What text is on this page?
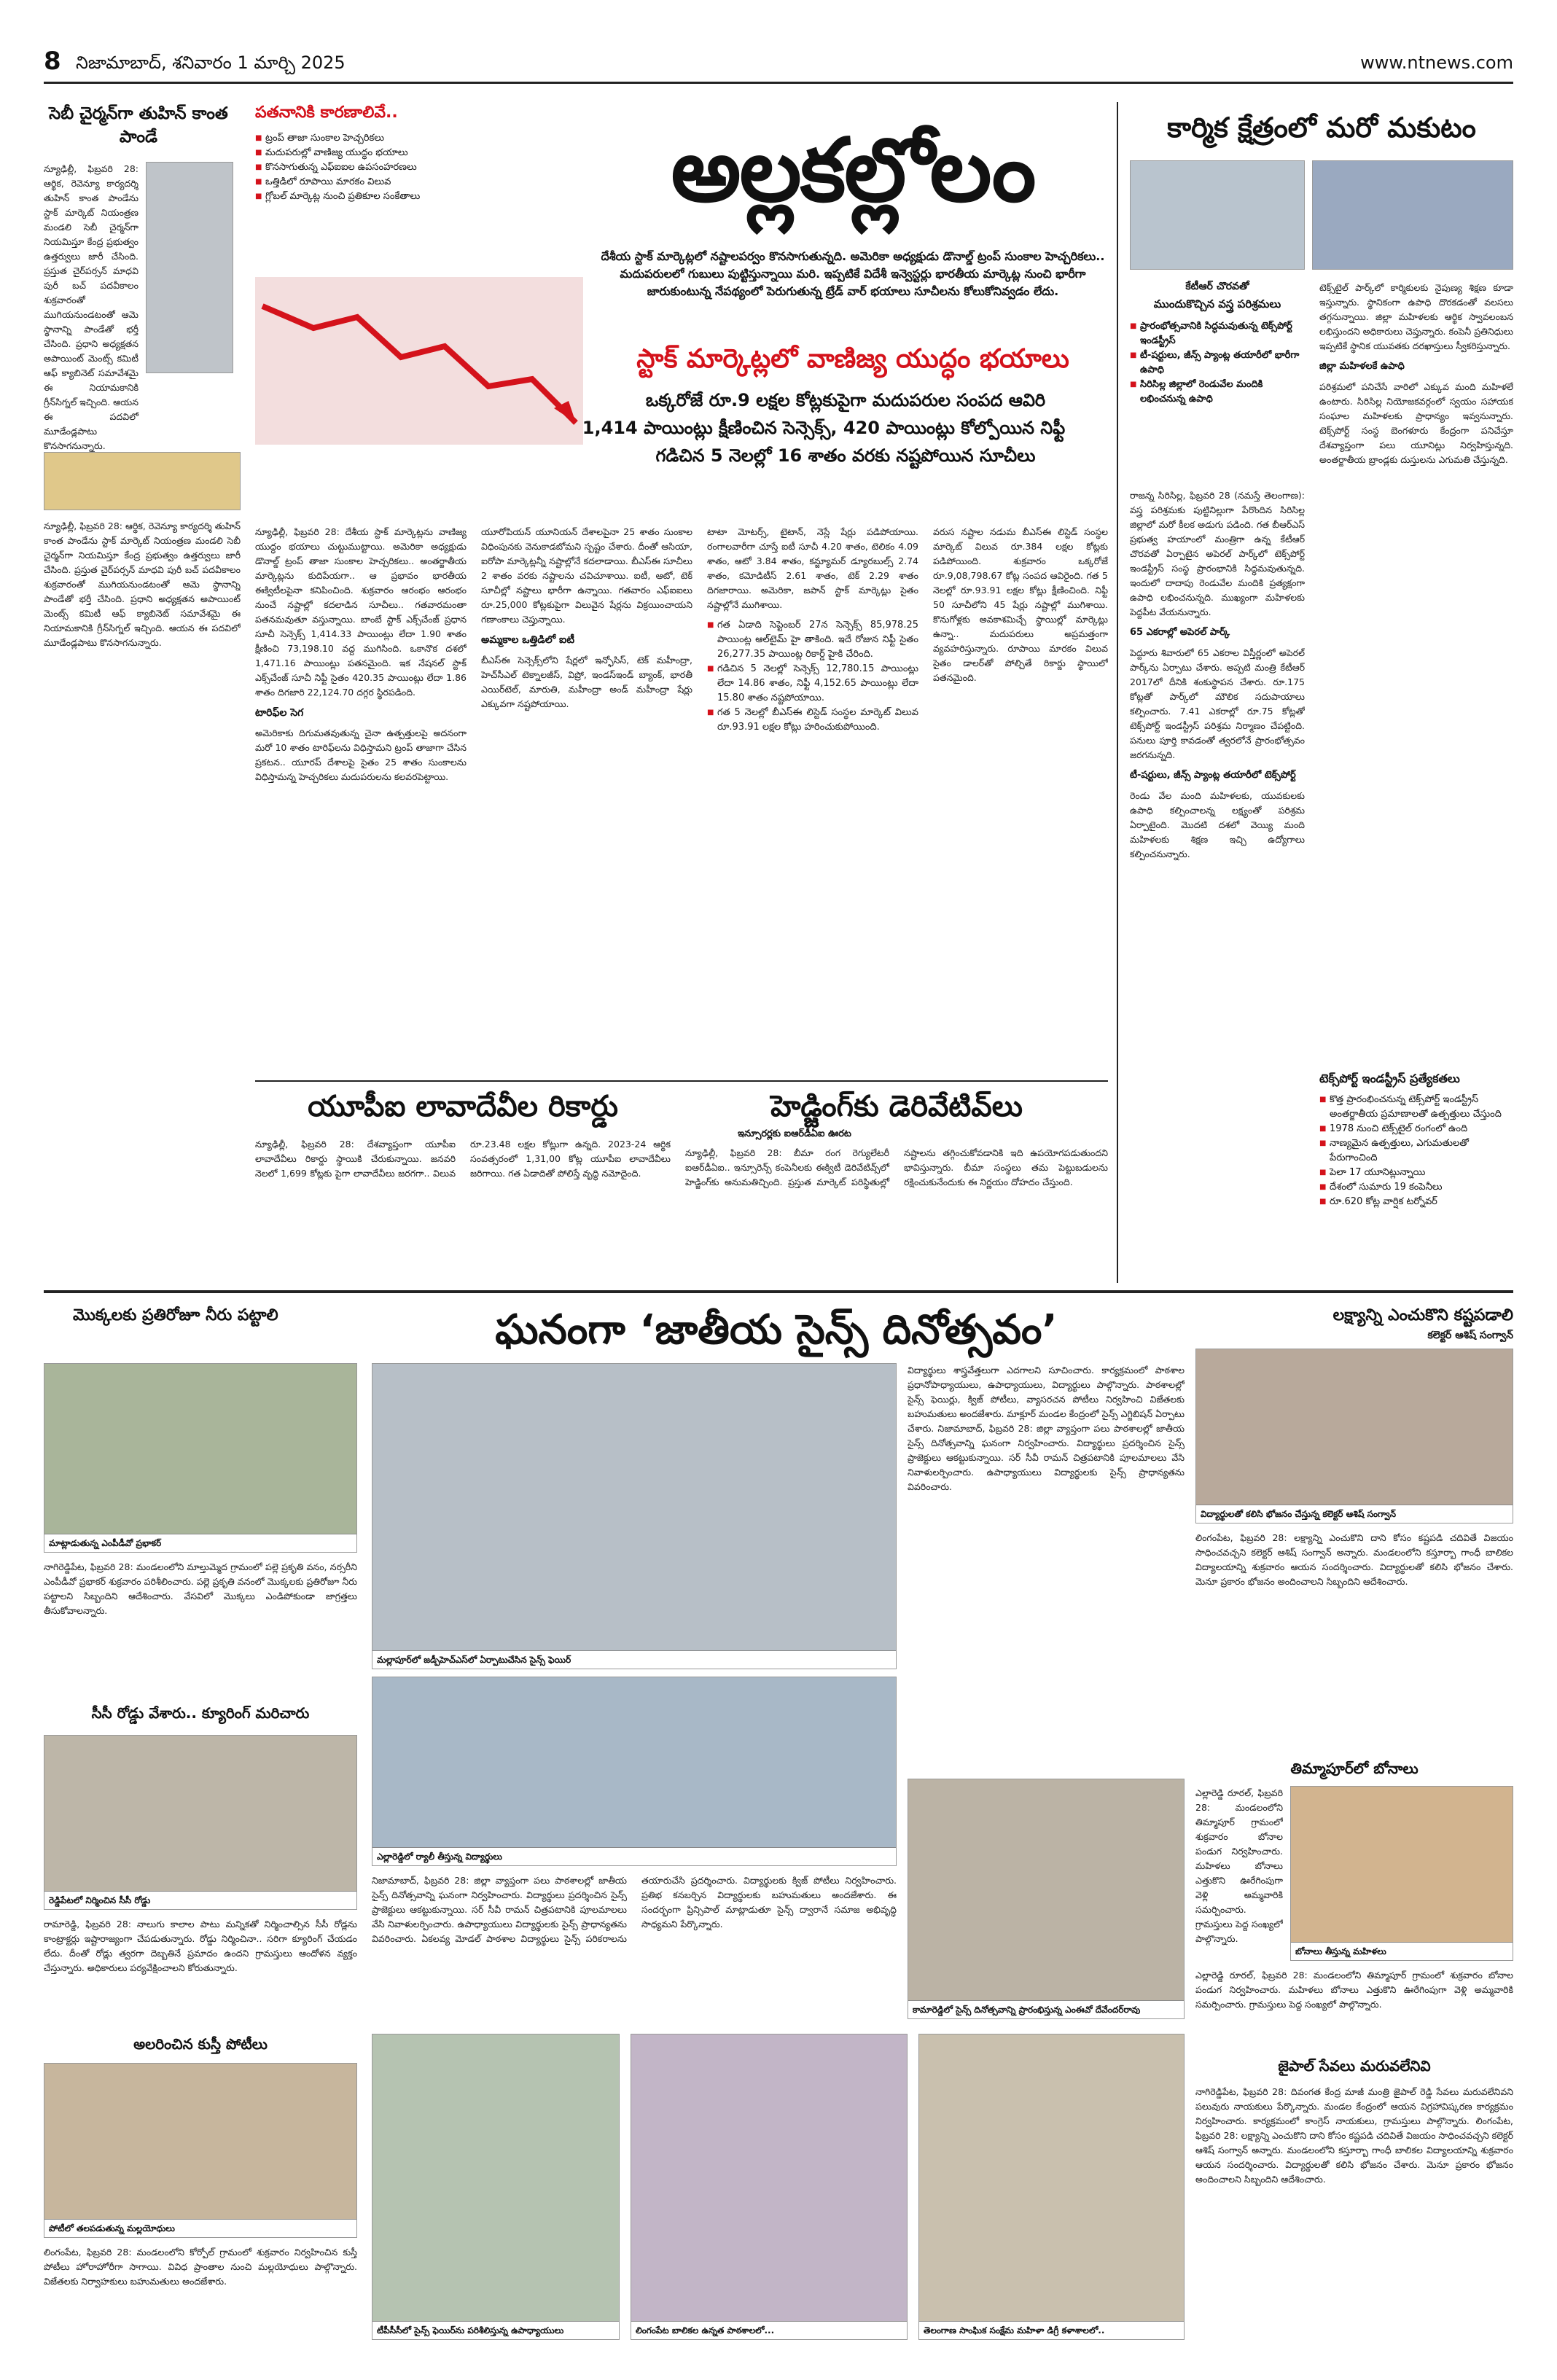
8 నిజామాబాద్, శనివారం 1 మార్చి 2025	www.ntnews.com
సెబీ చైర్మన్‌గా తుహిన్ కాంత పాండే
న్యూఢిల్లీ, ఫిబ్రవరి 28: ఆర్థిక, రెవెన్యూ కార్యదర్శి తుహిన్ కాంత పాండేను స్టాక్ మార్కెట్ నియంత్రణ మండలి సెబీ చైర్మన్‌గా నియమిస్తూ కేంద్ర ప్రభుత్వం ఉత్తర్వులు జారీ చేసింది. ప్రస్తుత చైర్‌పర్సన్ మాధవి పురీ బచ్ పదవీకాలం శుక్రవారంతో ముగియనుండటంతో ఆమె స్థానాన్ని పాండేతో భర్తీ చేసింది. ప్రధాని అధ్యక్షతన అపాయింట్ మెంట్స్ కమిటీ ఆఫ్ క్యాబినెట్ సమావేశమై ఈ నియామకానికి గ్రీన్‌సిగ్నల్ ఇచ్చింది. ఆయన ఈ పదవిలో మూడేండ్లపాటు కొనసాగనున్నారు.
పతనానికి కారణాలివే..
■ ట్రంప్ తాజా సుంకాల హెచ్చరికలు
■ మదుపరుల్లో వాణిజ్య యుద్ధం భయాలు
■ కొనసాగుతున్న ఎఫ్‌ఐఐల ఉపసంహరణలు
■ ఒత్తిడిలో రూపాయి మారకం విలువ
■ గ్లోబల్ మార్కెట్ల నుంచి ప్రతికూల సంకేతాలు	అల్లకల్లోలం
దేశీయ స్టాక్ మార్కెట్లలో నష్టాలపర్వం కొనసాగుతున్నది. అమెరికా అధ్యక్షుడు డొనాల్డ్ ట్రంప్ సుంకాల హెచ్చరికలు.. మదుపరులలో గుబులు పుట్టిస్తున్నాయి మరి. ఇప్పటికే విదేశీ ఇన్వెస్టర్లు భారతీయ మార్కెట్ల నుంచి భారీగా జారుకుంటున్న నేపథ్యంలో పెరుగుతున్న ట్రేడ్ వార్ భయాలు సూచీలను కోలుకోనివ్వడం లేదు.
స్టాక్ మార్కెట్లలో వాణిజ్య యుద్ధం భయాలు
ఒక్కరోజే రూ.9 లక్షల కోట్లకుపైగా మదుపరుల సంపద ఆవిరి
1,414 పాయింట్లు క్షీణించిన సెన్సెక్స్, 420 పాయింట్లు కోల్పోయిన నిఫ్టీ
గడిచిన 5 నెలల్లో 16 శాతం వరకు నష్టపోయిన సూచీలు
న్యూఢిల్లీ, ఫిబ్రవరి 28: ఆర్థిక, రెవెన్యూ కార్యదర్శి తుహిన్ కాంత పాండేను స్టాక్ మార్కెట్ నియంత్రణ మండలి సెబీ చైర్మన్‌గా నియమిస్తూ కేంద్ర ప్రభుత్వం ఉత్తర్వులు జారీ చేసింది. ప్రస్తుత చైర్‌పర్సన్ మాధవి పురీ బచ్ పదవీకాలం శుక్రవారంతో ముగియనుండటంతో ఆమె స్థానాన్ని పాండేతో భర్తీ చేసింది. ప్రధాని అధ్యక్షతన అపాయింట్ మెంట్స్ కమిటీ ఆఫ్ క్యాబినెట్ సమావేశమై ఈ నియామకానికి గ్రీన్‌సిగ్నల్ ఇచ్చింది. ఆయన ఈ పదవిలో మూడేండ్లపాటు కొనసాగనున్నారు.
న్యూఢిల్లీ, ఫిబ్రవరి 28: దేశీయ స్టాక్ మార్కెట్లను వాణిజ్య యుద్ధం భయాలు చుట్టుముట్టాయి. అమెరికా అధ్యక్షుడు డొనాల్డ్ ట్రంప్ తాజా సుంకాల హెచ్చరికలు.. అంతర్జాతీయ మార్కెట్లను కుదిపేయగా.. ఆ ప్రభావం భారతీయ ఈక్విటీలపైనా కనిపించింది. శుక్రవారం ఆరంభం ఆరంభం నుంచే నష్టాల్లో కదలాడిన సూచీలు.. గతవారమంతా పతనమవుతూ వస్తున్నాయి. బాంబే స్టాక్ ఎక్స్‌చేంజ్ ప్రధాన సూచీ సెన్సెక్స్ 1,414.33 పాయింట్లు లేదా 1.90 శాతం క్షీణించి 73,198.10 వద్ద ముగిసింది. ఒకానొక దశలో 1,471.16 పాయింట్లు పతనమైంది. ఇక నేషనల్ స్టాక్ ఎక్స్‌చేంజ్ సూచీ నిఫ్టీ సైతం 420.35 పాయింట్లు లేదా 1.86 శాతం దిగజారి 22,124.70 దగ్గర స్థిరపడింది.
టారిఫ్‌ల సెగ
అమెరికాకు దిగుమతవుతున్న చైనా ఉత్పత్తులపై అదనంగా మరో 10 శాతం టారిఫ్‌లను విధిస్తామని ట్రంప్ తాజాగా చేసిన ప్రకటన.. యూరప్ దేశాలపై సైతం 25 శాతం సుంకాలను విధిస్తామన్న హెచ్చరికలు మదుపరులను కలవరపెట్టాయి.
యూరోపియన్ యూనియన్ దేశాలపైనా 25 శాతం సుంకాల విధింపునకు వెనుకాడబోమని స్పష్టం చేశారు. దీంతో ఆసియా, ఐరోపా మార్కెట్లన్నీ నష్టాల్లోనే కదలాడాయి. బీఎస్‌ఈ సూచీలు 2 శాతం వరకు నష్టాలను చవిచూశాయి. ఐటీ, ఆటో, టెక్ సూచీల్లో నష్టాలు భారీగా ఉన్నాయి. గతవారం ఎఫ్‌ఐఐలు రూ.25,000 కోట్లకుపైగా విలువైన షేర్లను విక్రయించాయని గణాంకాలు చెప్తున్నాయి.
అమ్మకాల ఒత్తిడిలో ఐటీ
బీఎస్‌ఈ సెన్సెక్స్‌లోని షేర్లలో ఇన్ఫోసిస్, టెక్ మహీంద్రా, హెచ్‌సీఎల్ టెక్నాలజీస్, విప్రో, ఇండస్‌ఇండ్ బ్యాంక్, భారతీ ఎయిర్‌టెల్, మారుతి, మహీంద్రా అండ్ మహీంద్రా షేర్లు ఎక్కువగా నష్టపోయాయి.
టాటా మోటర్స్, టైటాన్, నెస్లే షేర్లు పడిపోయాయి. రంగాలవారీగా చూస్తే ఐటీ సూచీ 4.20 శాతం, టెలికం 4.09 శాతం, ఆటో 3.84 శాతం, కన్జ్యూమర్ డ్యూరబుల్స్ 2.74 శాతం, కమోడిటీస్ 2.61 శాతం, టెక్ 2.29 శాతం దిగజారాయి. అమెరికా, జపాన్ స్టాక్ మార్కెట్లు సైతం నష్టాల్లోనే ముగిశాయి.
■ గత ఏడాది సెప్టెంబర్ 27న సెన్సెక్స్ 85,978.25 పాయింట్ల ఆల్‌టైమ్ హై తాకింది. ఇదే రోజున నిఫ్టీ సైతం 26,277.35 పాయింట్ల రికార్డ్ హైకి చేరింది.
■ గడిచిన 5 నెలల్లో సెన్సెక్స్ 12,780.15 పాయింట్లు లేదా 14.86 శాతం, నిఫ్టీ 4,152.65 పాయింట్లు లేదా 15.80 శాతం నష్టపోయాయి.
■ గత 5 నెలల్లో బీఎస్‌ఈ లిస్టెడ్ సంస్థల మార్కెట్ విలువ రూ.93.91 లక్షల కోట్లు హరించుకుపోయింది.
వరుస నష్టాల నడుమ బీఎస్‌ఈ లిస్టెడ్ సంస్థల మార్కెట్ విలువ రూ.384 లక్షల కోట్లకు పడిపోయింది. శుక్రవారం ఒక్కరోజే రూ.9,08,798.67 కోట్ల సంపద ఆవిరైంది. గత 5 నెలల్లో రూ.93.91 లక్షల కోట్లు క్షీణించింది. నిఫ్టీ 50 సూచీలోని 45 షేర్లు నష్టాల్లో ముగిశాయి. కొనుగోళ్లకు అవకాశమిచ్చే స్థాయిల్లో మార్కెట్లు ఉన్నా.. మదుపరులు అప్రమత్తంగా వ్యవహరిస్తున్నారు. రూపాయి మారకం విలువ సైతం డాలర్‌తో పోల్చితే రికార్డు స్థాయిలో పతనమైంది.
కార్మిక క్షేత్రంలో మరో మకుటం
కేటీఆర్ చొరవతో
ముందుకొచ్చిన వస్త్ర పరిశ్రమలు
■ ప్రారంభోత్సవానికి సిద్ధమవుతున్న టెక్స్‌పోర్ట్ ఇండస్ట్రీస్
■ టీ-షర్టులు, జీన్స్ ప్యాంట్ల తయారీలో భారీగా ఉపాధి
■ సిరిసిల్ల జిల్లాలో రెండువేల మందికి లభించనున్న ఉపాధి
రాజన్న సిరిసిల్ల, ఫిబ్రవరి 28 (నమస్తే తెలంగాణ): వస్త్ర పరిశ్రమకు పుట్టినిల్లుగా పేరొందిన సిరిసిల్ల జిల్లాలో మరో కీలక అడుగు పడింది. గత బీఆర్‌ఎస్ ప్రభుత్వ హయాంలో మంత్రిగా ఉన్న కేటీఆర్ చొరవతో ఏర్పాటైన అపెరల్ పార్క్‌లో టెక్స్‌పోర్ట్ ఇండస్ట్రీస్ సంస్థ ప్రారంభానికి సిద్ధమవుతున్నది. ఇందులో దాదాపు రెండువేల మందికి ప్రత్యక్షంగా ఉపాధి లభించనున్నది. ముఖ్యంగా మహిళలకు పెద్దపీట వేయనున్నారు.
65 ఎకరాల్లో అపెరల్ పార్క్
పెద్దూరు శివారులో 65 ఎకరాల విస్తీర్ణంలో అపెరల్ పార్క్‌ను ఏర్పాటు చేశారు. అప్పటి మంత్రి కేటీఆర్ 2017లో దీనికి శంకుస్థాపన చేశారు. రూ.175 కోట్లతో పార్క్‌లో మౌలిక సదుపాయాలు కల్పించారు. 7.41 ఎకరాల్లో రూ.75 కోట్లతో టెక్స్‌పోర్ట్ ఇండస్ట్రీస్ పరిశ్రమ నిర్మాణం చేపట్టింది. పనులు పూర్తి కావడంతో త్వరలోనే ప్రారంభోత్సవం జరగనున్నది.
టీ-షర్టులు, జీన్స్ ప్యాంట్ల తయారీలో టెక్స్‌పోర్ట్
రెండు వేల మంది మహిళలకు, యువకులకు ఉపాధి కల్పించాలన్న లక్ష్యంతో పరిశ్రమ ఏర్పాటైంది. మొదటి దశలో వెయ్యి మంది మహిళలకు శిక్షణ ఇచ్చి ఉద్యోగాలు కల్పించనున్నారు.
టెక్స్‌టైల్ పార్క్‌లో కార్మికులకు నైపుణ్య శిక్షణ కూడా ఇస్తున్నారు. స్థానికంగా ఉపాధి దొరకడంతో వలసలు తగ్గనున్నాయి. జిల్లా మహిళలకు ఆర్థిక స్వావలంబన లభిస్తుందని అధికారులు చెప్తున్నారు. కంపెనీ ప్రతినిధులు ఇప్పటికే స్థానిక యువతకు దరఖాస్తులు స్వీకరిస్తున్నారు.
జిల్లా మహిళలకే ఉపాధి
పరిశ్రమలో పనిచేసే వారిలో ఎక్కువ మంది మహిళలే ఉంటారు. సిరిసిల్ల నియోజకవర్గంలో స్వయం సహాయక సంఘాల మహిళలకు ప్రాధాన్యం ఇవ్వనున్నారు. టెక్స్‌పోర్ట్ సంస్థ బెంగళూరు కేంద్రంగా పనిచేస్తూ దేశవ్యాప్తంగా పలు యూనిట్లు నిర్వహిస్తున్నది. అంతర్జాతీయ బ్రాండ్లకు దుస్తులను ఎగుమతి చేస్తున్నది.
టెక్స్‌పోర్ట్ ఇండస్ట్రీస్ ప్రత్యేకతలు
■ కొత్త ప్రారంభించనున్న టెక్స్‌పోర్ట్ ఇండస్ట్రీస్ అంతర్జాతీయ ప్రమాణాలతో ఉత్పత్తులు చేస్తుంది
■ 1978 నుంచి టెక్స్‌టైల్ రంగంలో ఉంది
■ నాణ్యమైన ఉత్పత్తులు, ఎగుమతులతో పేరుగాంచింది
■ పెలా 17 యూనిట్లున్నాయి
■ దేశంలో సుమారు 19 కంపెనీలు
■ రూ.620 కోట్ల వార్షిక టర్నోవర్
యూపీఐ లావాదేవీల రికార్డు
న్యూఢిల్లీ, ఫిబ్రవరి 28: దేశవ్యాప్తంగా యూపీఐ లావాదేవీలు రికార్డు స్థాయికి చేరుకున్నాయి. జనవరి నెలలో 1,699 కోట్లకు పైగా లావాదేవీలు జరగగా.. విలువ రూ.23.48 లక్షల కోట్లుగా ఉన్నది. 2023-24 ఆర్థిక సంవత్సరంలో 1,31,00 కోట్ల యూపీఐ లావాదేవీలు జరిగాయి. గత ఏడాదితో పోలిస్తే వృద్ధి నమోదైంది.
హెడ్జింగ్‌కు డెరివేటివ్‌లు
ఇన్సూరర్లకు ఐఆర్‌డీఏఐ ఊరట
న్యూఢిల్లీ, ఫిబ్రవరి 28: బీమా రంగ రెగ్యులేటరీ ఐఆర్‌డీఏఐ.. ఇన్సూరెన్స్ కంపెనీలకు ఈక్విటీ డెరివేటివ్స్‌లో హెడ్జింగ్‌కు అనుమతిచ్చింది. ప్రస్తుత మార్కెట్ పరిస్థితుల్లో నష్టాలను తగ్గించుకోవడానికి ఇది ఉపయోగపడుతుందని భావిస్తున్నారు. బీమా సంస్థలు తమ పెట్టుబడులను రక్షించుకునేందుకు ఈ నిర్ణయం దోహదం చేస్తుంది.
మొక్కలకు ప్రతిరోజూ నీరు పట్టాలి	ఘనంగా ‘జాతీయ సైన్స్ దినోత్సవం’	లక్ష్యాన్ని ఎంచుకొని కష్టపడాలి
కలెక్టర్ ఆశిష్ సంగ్వాన్
మాట్లాడుతున్న ఎంపీడీవో ప్రభాకర్
నాగిరెడ్డిపేట, ఫిబ్రవరి 28: మండలంలోని మాల్తుమ్మెద గ్రామంలో పల్లె ప్రకృతి వనం, నర్సరీని ఎంపీడీవో ప్రభాకర్ శుక్రవారం పరిశీలించారు. పల్లె ప్రకృతి వనంలో మొక్కలకు ప్రతిరోజూ నీరు పట్టాలని సిబ్బందిని ఆదేశించారు. వేసవిలో మొక్కలు ఎండిపోకుండా జాగ్రత్తలు తీసుకోవాలన్నారు.
సీసీ రోడ్డు వేశారు.. క్యూరింగ్ మరిచారు
రెడ్డిపేటలో నిర్మించిన సీసీ రోడ్డు
రామారెడ్డి, ఫిబ్రవరి 28: నాలుగు కాలాల పాటు మన్నికతో నిర్మించాల్సిన సీసీ రోడ్లను కాంట్రాక్టర్లు ఇష్టారాజ్యంగా చేపడుతున్నారు. రోడ్డు నిర్మించినా.. సరిగా క్యూరింగ్ చేయడం లేదు. దీంతో రోడ్లు త్వరగా దెబ్బతినే ప్రమాదం ఉందని గ్రామస్తులు ఆందోళన వ్యక్తం చేస్తున్నారు. అధికారులు పర్యవేక్షించాలని కోరుతున్నారు.
అలరించిన కుస్తీ పోటీలు
పోటీలో తలపడుతున్న మల్లయోధులు
లింగంపేట, ఫిబ్రవరి 28: మండలంలోని కోర్పోల్ గ్రామంలో శుక్రవారం నిర్వహించిన కుస్తీ పోటీలు హోరాహోరీగా సాగాయి. వివిధ ప్రాంతాల నుంచి మల్లయోధులు పాల్గొన్నారు. విజేతలకు నిర్వాహకులు బహుమతులు అందజేశారు.
మల్లాపూర్‌లో జడ్పీహెచ్‌ఎస్‌లో ఏర్పాటుచేసిన సైన్స్ ఫెయిర్
విద్యార్థులు శాస్త్రవేత్తలుగా ఎదగాలని సూచించారు. కార్యక్రమంలో పాఠశాల ప్రధానోపాధ్యాయులు, ఉపాధ్యాయులు, విద్యార్థులు పాల్గొన్నారు. పాఠశాలల్లో సైన్స్ ఫెయిర్లు, క్విజ్ పోటీలు, వ్యాసరచన పోటీలు నిర్వహించి విజేతలకు బహుమతులు అందజేశారు. మాక్లూర్ మండల కేంద్రంలో సైన్స్ ఎగ్జిబిషన్ ఏర్పాటు చేశారు. నిజామాబాద్, ఫిబ్రవరి 28: జిల్లా వ్యాప్తంగా పలు పాఠశాలల్లో జాతీయ సైన్స్ దినోత్సవాన్ని ఘనంగా నిర్వహించారు. విద్యార్థులు ప్రదర్శించిన సైన్స్ ప్రాజెక్టులు ఆకట్టుకున్నాయి. సర్ సీవీ రామన్ చిత్రపటానికి పూలమాలలు వేసి నివాళులర్పించారు. ఉపాధ్యాయులు విద్యార్థులకు సైన్స్ ప్రాధాన్యతను వివరించారు.
ఎల్లారెడ్డి‌లో ర్యాలీ తీస్తున్న విద్యార్థులు
నిజామాబాద్, ఫిబ్రవరి 28: జిల్లా వ్యాప్తంగా పలు పాఠశాలల్లో జాతీయ సైన్స్ దినోత్సవాన్ని ఘనంగా నిర్వహించారు. విద్యార్థులు ప్రదర్శించిన సైన్స్ ప్రాజెక్టులు ఆకట్టుకున్నాయి. సర్ సీవీ రామన్ చిత్రపటానికి పూలమాలలు వేసి నివాళులర్పించారు. ఉపాధ్యాయులు విద్యార్థులకు సైన్స్ ప్రాధాన్యతను వివరించారు. ఏకలవ్య మోడల్ పాఠశాల విద్యార్థులు సైన్స్ పరికరాలను తయారుచేసి ప్రదర్శించారు. విద్యార్థులకు క్విజ్ పోటీలు నిర్వహించారు. ప్రతిభ కనబర్చిన విద్యార్థులకు బహుమతులు అందజేశారు. ఈ సందర్భంగా ప్రిన్సిపాల్ మాట్లాడుతూ సైన్స్ ద్వారానే సమాజ అభివృద్ధి సాధ్యమని పేర్కొన్నారు.
కామారెడ్డిలో సైన్స్ దినోత్సవాన్ని ప్రారంభిస్తున్న ఎంఈవో దేవేందర్‌రావు
టీపీసీసీలో సైన్స్ ఫెయిర్‌ను పరిశీలిస్తున్న ఉపాధ్యాయులు	లింగంపేట బాలికల ఉన్నత పాఠశాలలో...	తెలంగాణ సాంఘిక సంక్షేమ మహిళా డిగ్రీ కళాశాలలో..
విద్యార్థులతో కలిసి భోజనం చేస్తున్న కలెక్టర్ ఆశిష్ సంగ్వాన్
లింగంపేట, ఫిబ్రవరి 28: లక్ష్యాన్ని ఎంచుకొని దాని కోసం కష్టపడి చదివితే విజయం సాధించవచ్చని కలెక్టర్ ఆశిష్ సంగ్వాన్ అన్నారు. మండలంలోని కస్తూర్బా గాంధీ బాలికల విద్యాలయాన్ని శుక్రవారం ఆయన సందర్శించారు. విద్యార్థులతో కలిసి భోజనం చేశారు. మెనూ ప్రకారం భోజనం అందించాలని సిబ్బందిని ఆదేశించారు.
తిమ్మాపూర్‌లో బోనాలు
ఎల్లారెడ్డి రూరల్, ఫిబ్రవరి 28: మండలంలోని తిమ్మాపూర్ గ్రామంలో శుక్రవారం బోనాల పండుగ నిర్వహించారు. మహిళలు బోనాలు ఎత్తుకొని ఊరేగింపుగా వెళ్లి అమ్మవారికి సమర్పించారు. గ్రామస్తులు పెద్ద సంఖ్యలో పాల్గొన్నారు.
బోనాలు తీస్తున్న మహిళలు
ఎల్లారెడ్డి రూరల్, ఫిబ్రవరి 28: మండలంలోని తిమ్మాపూర్ గ్రామంలో శుక్రవారం బోనాల పండుగ నిర్వహించారు. మహిళలు బోనాలు ఎత్తుకొని ఊరేగింపుగా వెళ్లి అమ్మవారికి సమర్పించారు. గ్రామస్తులు పెద్ద సంఖ్యలో పాల్గొన్నారు.
జైపాల్ సేవలు మరువలేనివి
నాగిరెడ్డిపేట, ఫిబ్రవరి 28: దివంగత కేంద్ర మాజీ మంత్రి జైపాల్ రెడ్డి సేవలు మరువలేనివని పలువురు నాయకులు పేర్కొన్నారు. మండల కేంద్రంలో ఆయన విగ్రహావిష్కరణ కార్యక్రమం నిర్వహించారు. కార్యక్రమంలో కాంగ్రెస్ నాయకులు, గ్రామస్తులు పాల్గొన్నారు. లింగంపేట, ఫిబ్రవరి 28: లక్ష్యాన్ని ఎంచుకొని దాని కోసం కష్టపడి చదివితే విజయం సాధించవచ్చని కలెక్టర్ ఆశిష్ సంగ్వాన్ అన్నారు. మండలంలోని కస్తూర్బా గాంధీ బాలికల విద్యాలయాన్ని శుక్రవారం ఆయన సందర్శించారు. విద్యార్థులతో కలిసి భోజనం చేశారు. మెనూ ప్రకారం భోజనం అందించాలని సిబ్బందిని ఆదేశించారు.
